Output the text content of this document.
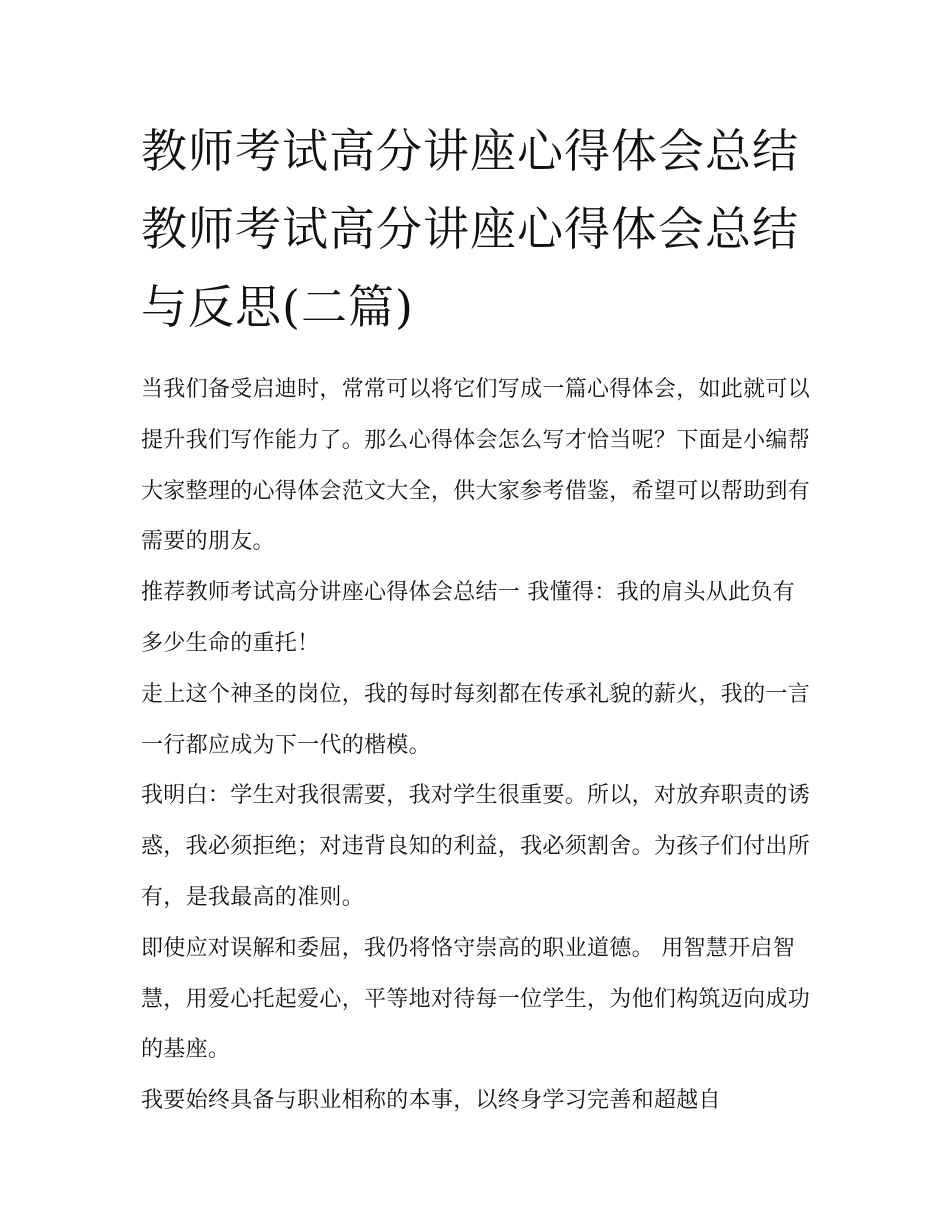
教师考试高分讲座心得体会总结 教师考试高分讲座心得体会总结与反思(二篇)

当我们备受启迪时，常常可以将它们写成一篇心得体会，如此就可以提升我们写作能力了。那么心得体会怎么写才恰当呢？下面是小编帮大家整理的心得体会范文大全，供大家参考借鉴，希望可以帮助到有需要的朋友。

推荐教师考试高分讲座心得体会总结一 我懂得：我的肩头从此负有多少生命的重托！

走上这个神圣的岗位，我的每时每刻都在传承礼貌的薪火，我的一言一行都应成为下一代的楷模。

我明白：学生对我很需要，我对学生很重要。所以，对放弃职责的诱惑，我必须拒绝；对违背良知的利益，我必须割舍。为孩子们付出所有，是我最高的准则。

即使应对误解和委屈，我仍将恪守崇高的职业道德。 用智慧开启智慧，用爱心托起爱心，平等地对待每一位学生，为他们构筑迈向成功的基座。

我要始终具备与职业相称的本事，以终身学习完善和超越自
